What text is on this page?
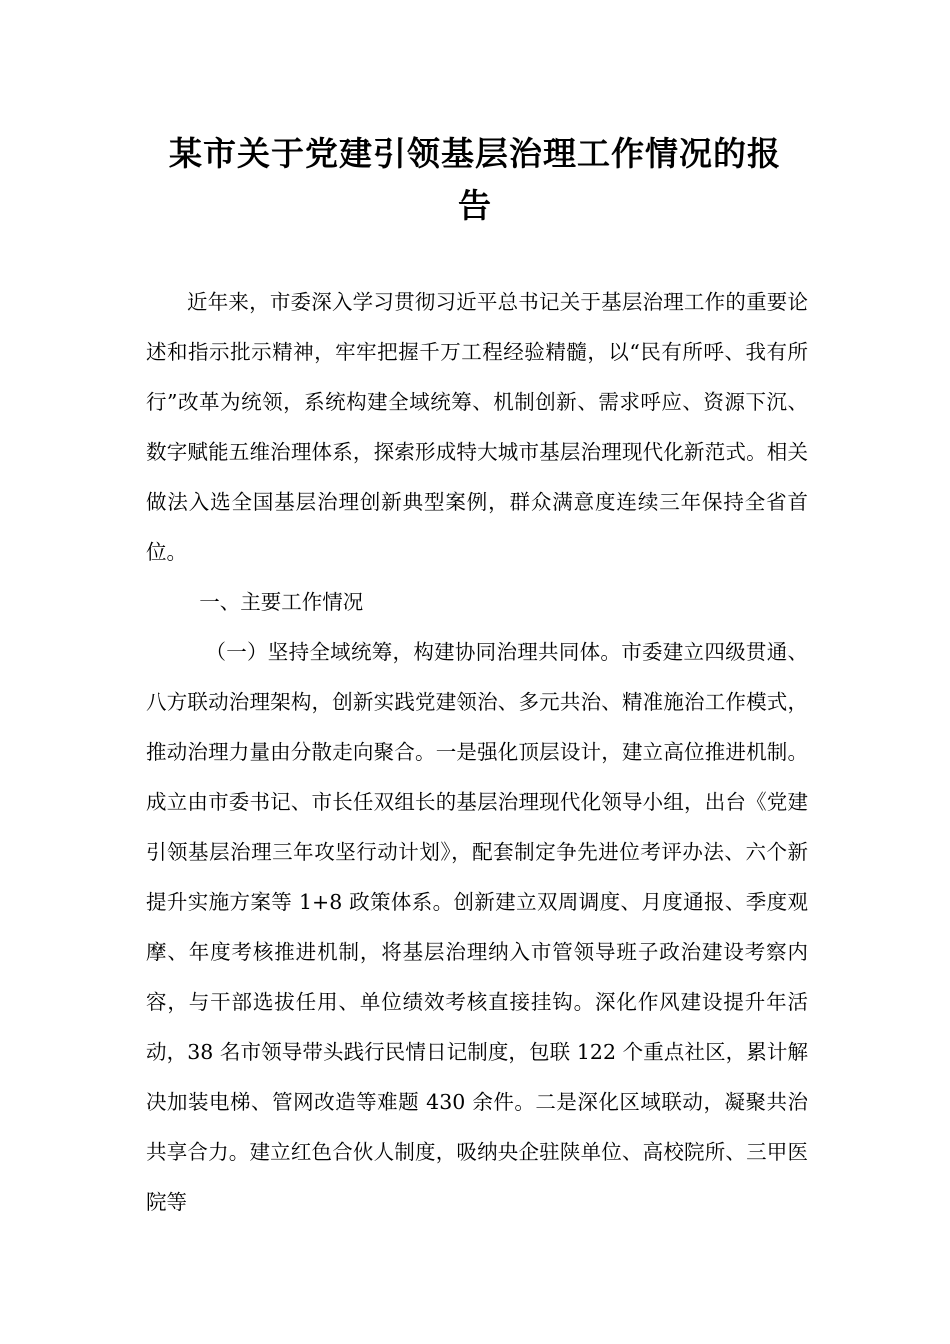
某市关于党建引领基层治理工作情况的报
告

近年来，市委深入学习贯彻习近平总书记关于基层治理工作的重要论述和指示批示精神，牢牢把握千万工程经验精髓，以“民有所呼、我有所行”改革为统领，系统构建全域统筹、机制创新、需求呼应、资源下沉、数字赋能五维治理体系，探索形成特大城市基层治理现代化新范式。相关做法入选全国基层治理创新典型案例，群众满意度连续三年保持全省首位。

一、主要工作情况

（一）坚持全域统筹，构建协同治理共同体。市委建立四级贯通、八方联动治理架构，创新实践党建领治、多元共治、精准施治工作模式，推动治理力量由分散走向聚合。一是强化顶层设计，建立高位推进机制。成立由市委书记、市长任双组长的基层治理现代化领导小组，出台《党建引领基层治理三年攻坚行动计划》，配套制定争先进位考评办法、六个新提升实施方案等 1+8 政策体系。创新建立双周调度、月度通报、季度观摩、年度考核推进机制，将基层治理纳入市管领导班子政治建设考察内容，与干部选拔任用、单位绩效考核直接挂钩。深化作风建设提升年活动，38 名市领导带头践行民情日记制度，包联 122 个重点社区，累计解决加装电梯、管网改造等难题 430 余件。二是深化区域联动，凝聚共治共享合力。建立红色合伙人制度，吸纳央企驻陕单位、高校院所、三甲医院等
